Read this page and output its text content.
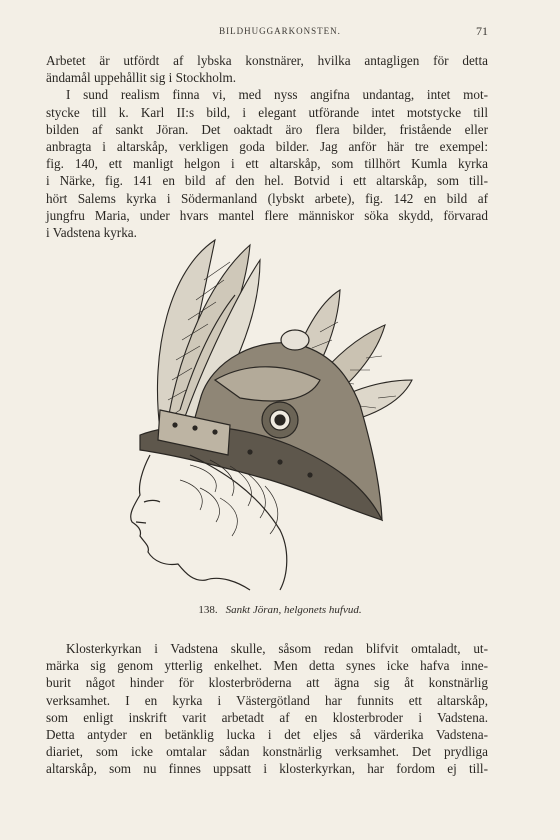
BILDHUGGARKONSTEN.	71
Arbetet är utfördt af lybska konstnärer, hvilka antagligen för detta
ändamål uppehållit sig i Stockholm.
I sund realism finna vi, med nyss angifna undantag, intet mot-
stycke till k. Karl II:s bild, i elegant utförande intet motstycke till
bilden af sankt Jöran. Det oaktadt äro flera bilder, fristående eller
anbragta i altarskåp, verkligen goda bilder. Jag anför här tre exempel:
fig. 140, ett manligt helgon i ett altarskåp, som tillhört Kumla kyrka
i Närke, fig. 141 en bild af den hel. Botvid i ett altarskåp, som till-
hört Salems kyrka i Södermanland (lybskt arbete), fig. 142 en bild af
jungfru Maria, under hvars mantel flere människor söka skydd, förvarad
i Vadstena kyrka.
138. Sankt Jöran, helgonets hufvud.
Klosterkyrkan i Vadstena skulle, såsom redan blifvit omtaladt, ut-
märka sig genom ytterlig enkelhet. Men detta synes icke hafva inne-
burit något hinder för klosterbröderna att ägna sig åt konstnärlig
verksamhet. I en kyrka i Västergötland har funnits ett altarskåp,
som enligt inskrift varit arbetadt af en klosterbroder i Vadstena.
Detta antyder en betänklig lucka i det eljes så värderika Vadstena-
diariet, som icke omtalar sådan konstnärlig verksamhet. Det prydliga
altarskåp, som nu finnes uppsatt i klosterkyrkan, har fordom ej till-
